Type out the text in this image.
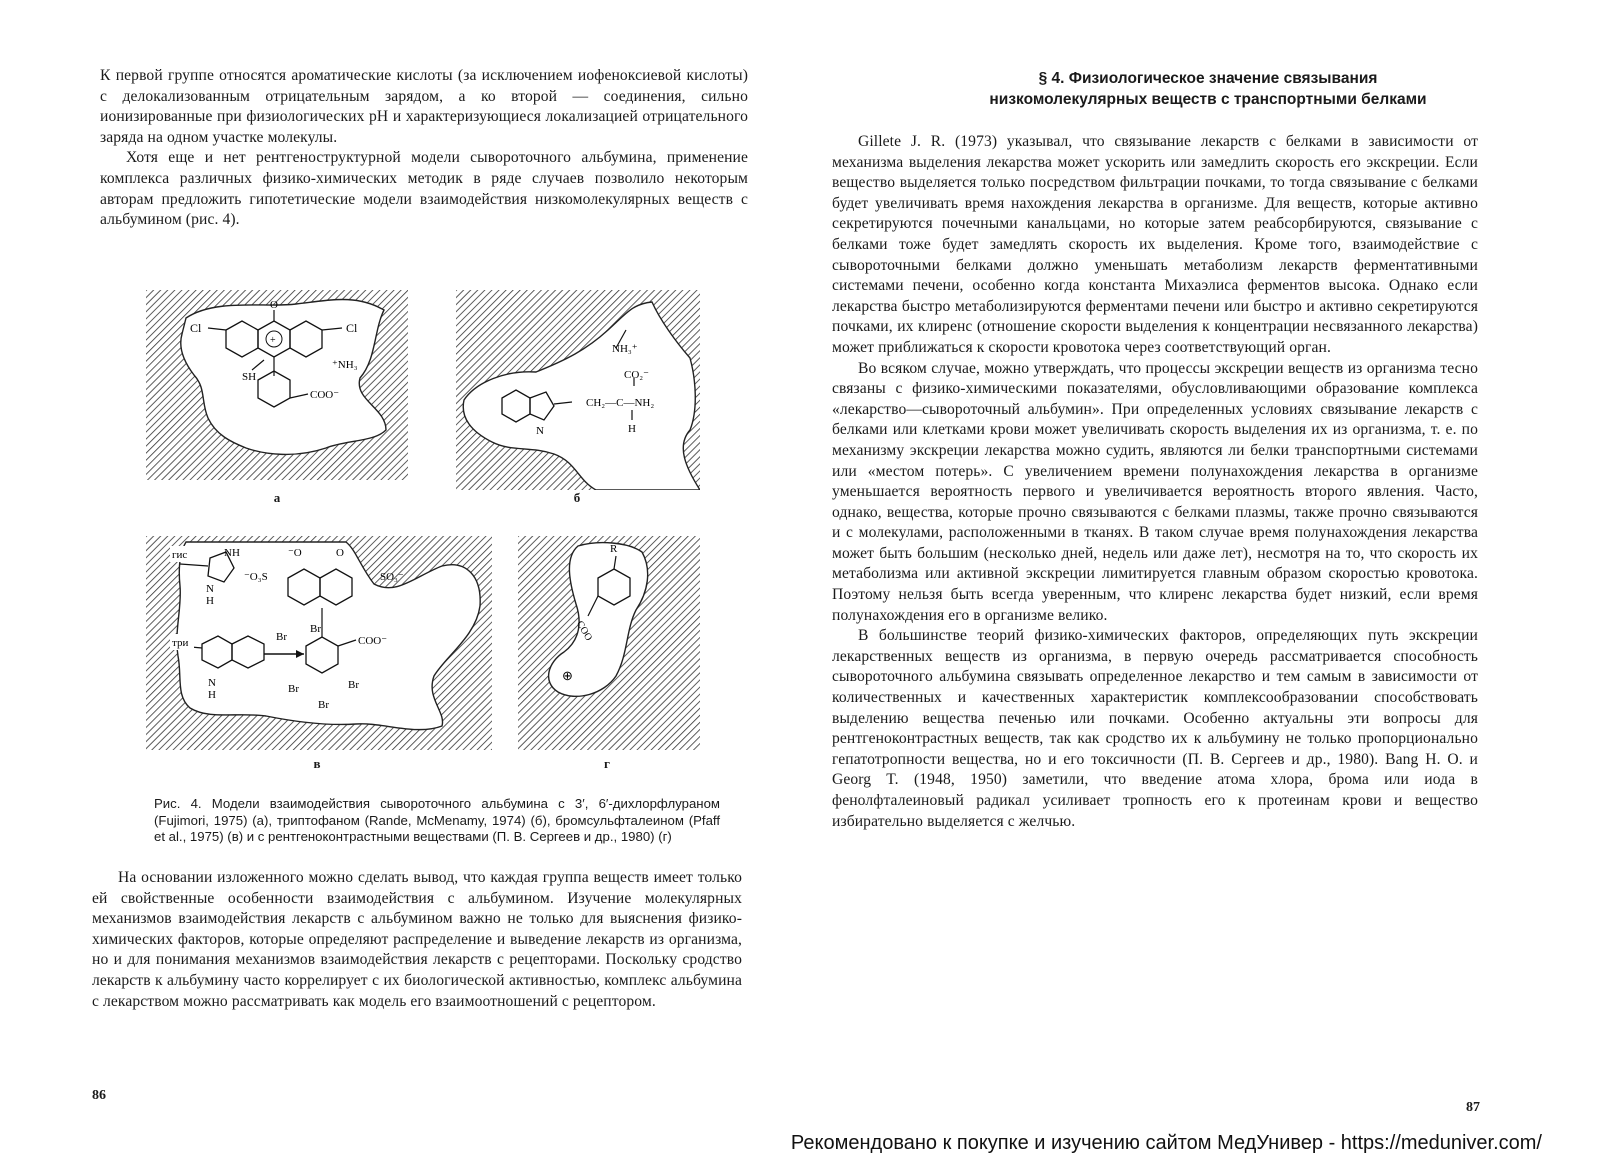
К первой группе относятся ароматические кислоты (за исключением иофеноксиевой кислоты) с делокализованным отрицательным зарядом, а ко второй — соединения, сильно ионизированные при физиологических pH и характеризующиеся локализацией отрицательного заряда на одном участке молекулы.

Хотя еще и нет рентгеноструктурной модели сывороточного альбумина, применение комплекса различных физико-химических методик в ряде случаев позволило некоторым авторам предложить гипотетические модели взаимодействия низкомолекулярных веществ с альбумином (рис. 4).

O
+
Cl	Cl
SH
⁺NH₃
COO⁻
а
NH₃⁺
CO₂⁻
CH₂—C—NH₂
H
N
б
гис
три
NH
N
H
⁻O	O
⁻O₃S	SO₃⁻
Br
Br
Br	Br
Br
COO⁻
N
H
в
R
COO
⊕
г
Рис. 4. Модели взаимодействия сывороточного альбумина с 3′, 6′-дихлорфлураном (Fujimori, 1975) (а), триптофаном (Rande, McMenamy, 1974) (б), бромсульфталеином (Pfaff et al., 1975) (в) и с рентгеноконтрастными веществами (П. В. Сергеев и др., 1980) (г)

На основании изложенного можно сделать вывод, что каждая группа веществ имеет только ей свойственные особенности взаимодействия с альбумином. Изучение молекулярных механизмов взаимодействия лекарств с альбумином важно не только для выяснения физико-химических факторов, которые определяют распределение и выведение лекарств из организма, но и для понимания механизмов взаимодействия лекарств с рецепторами. Поскольку сродство лекарств к альбумину часто коррелирует с их биологической активностью, комплекс альбумина с лекарством можно рассматривать как модель его взаимоотношений с рецептором.

86
§ 4. Физиологическое значение связывания
низкомолекулярных веществ с транспортными белками

Gillete J. R. (1973) указывал, что связывание лекарств с белками в зависимости от механизма выделения лекарства может ускорить или замедлить скорость его экскреции. Если вещество выделяется только посредством фильтрации почками, то тогда связывание с белками будет увеличивать время нахождения лекарства в организме. Для веществ, которые активно секретируются почечными канальцами, но которые затем реабсорбируются, связывание с белками тоже будет замедлять скорость их выделения. Кроме того, взаимодействие с сывороточными белками должно уменьшать метаболизм лекарств ферментативными системами печени, особенно когда константа Михаэлиса ферментов высока. Однако если лекарства быстро метаболизируются ферментами печени или быстро и активно секретируются почками, их клиренс (отношение скорости выделения к концентрации несвязанного лекарства) может приближаться к скорости кровотока через соответствующий орган.

Во всяком случае, можно утверждать, что процессы экскреции веществ из организма тесно связаны с физико-химическими показателями, обусловливающими образование комплекса «лекарство—сывороточный альбумин». При определенных условиях связывание лекарств с белками или клетками крови может увеличивать скорость выделения их из организма, т. е. по механизму экскреции лекарства можно судить, являются ли белки транспортными системами или «местом потерь». С увеличением времени полунахождения лекарства в организме уменьшается вероятность первого и увеличивается вероятность второго явления. Часто, однако, вещества, которые прочно связываются с белками плазмы, также прочно связываются и с молекулами, расположенными в тканях. В таком случае время полунахождения лекарства может быть большим (несколько дней, недель или даже лет), несмотря на то, что скорость их метаболизма или активной экскреции лимитируется главным образом скоростью кровотока. Поэтому нельзя быть всегда уверенным, что клиренс лекарства будет низкий, если время полунахождения его в организме велико.

В большинстве теорий физико-химических факторов, определяющих путь экскреции лекарственных веществ из организма, в первую очередь рассматривается способность сывороточного альбумина связывать определенное лекарство и тем самым в зависимости от количественных и качественных характеристик комплексообразовании способствовать выделению вещества печенью или почками. Особенно актуальны эти вопросы для рентгеноконтрастных веществ, так как сродство их к альбумину не только пропорционально гепатотропности вещества, но и его токсичности (П. В. Сергеев и др., 1980). Bang H. O. и Georg T. (1948, 1950) заметили, что введение атома хлора, брома или иода в фенолфталеиновый радикал усиливает тропность его к протеинам крови и вещество избирательно выделяется с желчью.

87
Рекомендовано к покупке и изучению сайтом МедУнивер - https://meduniver.com/
